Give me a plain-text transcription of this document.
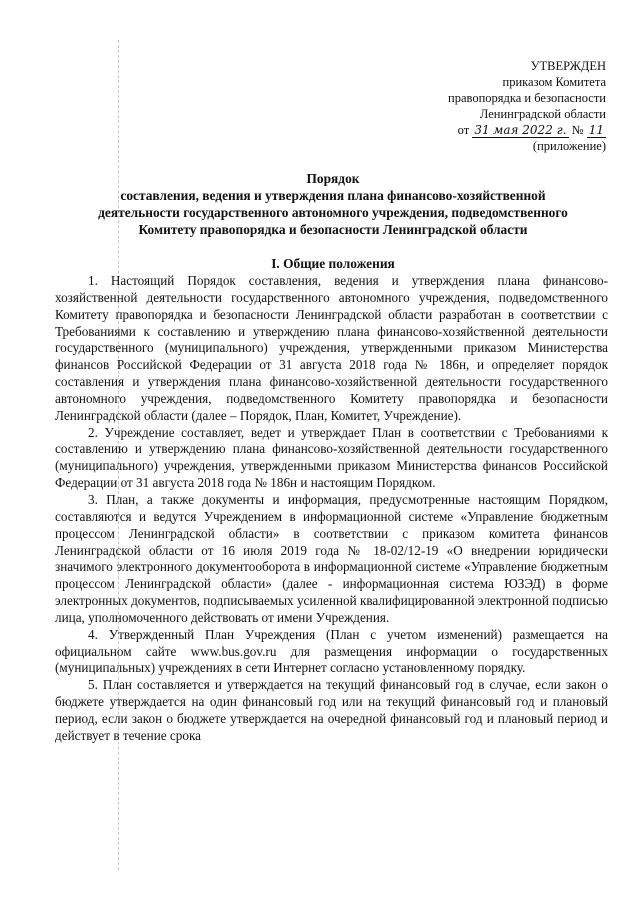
УТВЕРЖДЕН
приказом Комитета
правопорядка и безопасности
Ленинградской области
от 31 мая 2022 г. № 11
(приложение)
Порядок
составления, ведения и утверждения плана финансово-хозяйственной
деятельности государственного автономного учреждения, подведомственного
Комитету правопорядка и безопасности Ленинградской области
I. Общие положения

1. Настоящий Порядок составления, ведения и утверждения плана финансово-хозяйственной деятельности государственного автономного учреждения, подведомственного Комитету правопорядка и безопасности Ленинградской области разработан в соответствии с Требованиями к составлению и утверждению плана финансово-хозяйственной деятельности государственного (муниципального) учреждения, утвержденными приказом Министерства финансов Российской Федерации от 31 августа 2018 года № 186н, и определяет порядок составления и утверждения плана финансово-хозяйственной деятельности государственного автономного учреждения, подведомственного Комитету правопорядка и безопасности Ленинградской области (далее – Порядок, План, Комитет, Учреждение).

2. Учреждение составляет, ведет и утверждает План в соответствии с Требованиями к составлению и утверждению плана финансово-хозяйственной деятельности государственного (муниципального) учреждения, утвержденными приказом Министерства финансов Российской Федерации от 31 августа 2018 года № 186н и настоящим Порядком.

3. План, а также документы и информация, предусмотренные настоящим Порядком, составляются и ведутся Учреждением в информационной системе «Управление бюджетным процессом Ленинградской области» в соответствии с приказом комитета финансов Ленинградской области от 16 июля 2019 года № 18-02/12-19 «О внедрении юридически значимого электронного документооборота в информационной системе «Управление бюджетным процессом Ленинградской области» (далее - информационная система ЮЗЭД) в форме электронных документов, подписываемых усиленной квалифицированной электронной подписью лица, уполномоченного действовать от имени Учреждения.

4. Утвержденный План Учреждения (План с учетом изменений) размещается на официальном сайте www.bus.gov.ru для размещения информации о государственных (муниципальных) учреждениях в сети Интернет согласно установленному порядку.

5. План составляется и утверждается на текущий финансовый год в случае, если закон о бюджете утверждается на один финансовый год или на текущий финансовый год и плановый период, если закон о бюджете утверждается на очередной финансовый год и плановый период и действует в течение срока
